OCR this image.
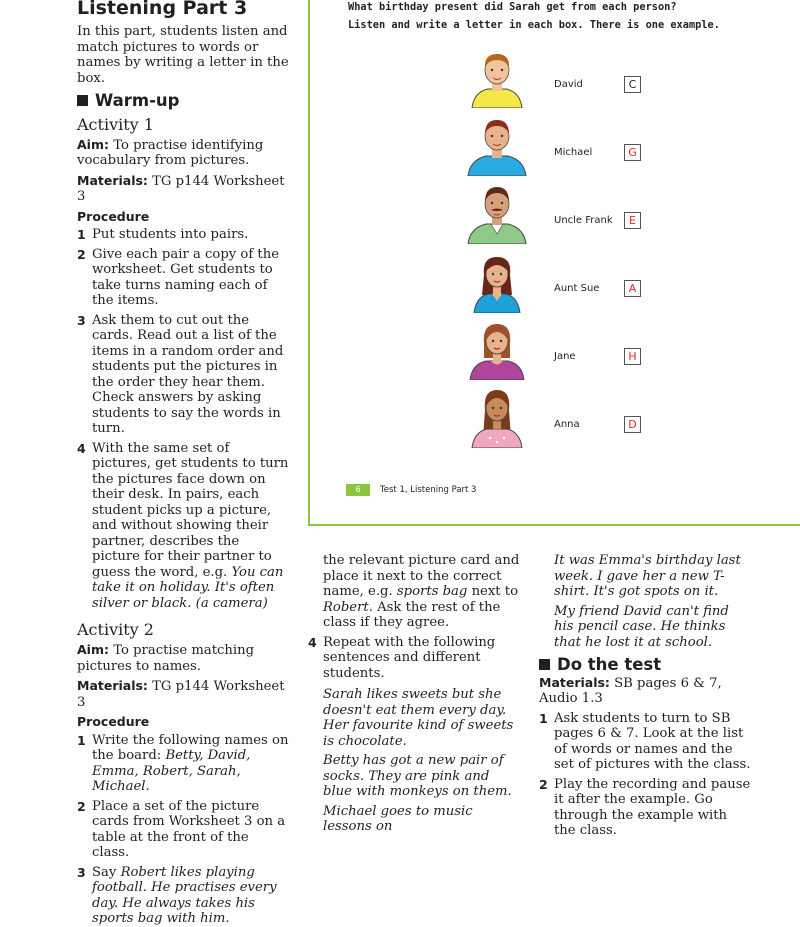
Listening Part 3

In this part, students listen and match pictures to words or names by writing a letter in the box.

Warm-up
Activity 1

Aim: To practise identifying vocabulary from pictures.

Materials: TG p144 Worksheet 3

Procedure
1 Put students into pairs.
2 Give each pair a copy of the worksheet. Get students to take turns naming each of the items.
3 Ask them to cut out the cards. Read out a list of the items in a random order and students put the pictures in the order they hear them. Check answers by asking students to say the words in turn.
4 With the same set of pictures, get students to turn the pictures face down on their desk. In pairs, each student picks up a picture, and without showing their partner, describes the picture for their partner to guess the word, e.g. You can take it on holiday. It's often silver or black. (a camera)
Activity 2

Aim: To practise matching pictures to names.

Materials: TG p144 Worksheet 3

Procedure
1 Write the following names on the board: Betty, David, Emma, Robert, Sarah, Michael.
2 Place a set of the picture cards from Worksheet 3 on a table at the front of the class.
3 Say Robert likes playing football. He practises every day. He always takes his sports bag with him.
What birthday present did Sarah get from each person?
Listen and write a letter in each box. There is one example.
David	C
Michael	G
Uncle Frank	E
Aunt Sue	A
Jane	H
Anna	D
6	Test 1, Listening Part 3

the relevant picture card and place it next to the correct name, e.g. sports bag next to Robert. Ask the rest of the class if they agree.

4 Repeat with the following sentences and different students.

Sarah likes sweets but she doesn't eat them every day. Her favourite kind of sweets is chocolate.

Betty has got a new pair of socks. They are pink and blue with monkeys on them.

Michael goes to music lessons on

It was Emma's birthday last week. I gave her a new T-shirt. It's got spots on it.

My friend David can't find his pencil case. He thinks that he lost it at school.

Do the test

Materials: SB pages 6 & 7, Audio 1.3

1 Ask students to turn to SB pages 6 & 7. Look at the list of words or names and the set of pictures with the class.
2 Play the recording and pause it after the example. Go through the example with the class.
